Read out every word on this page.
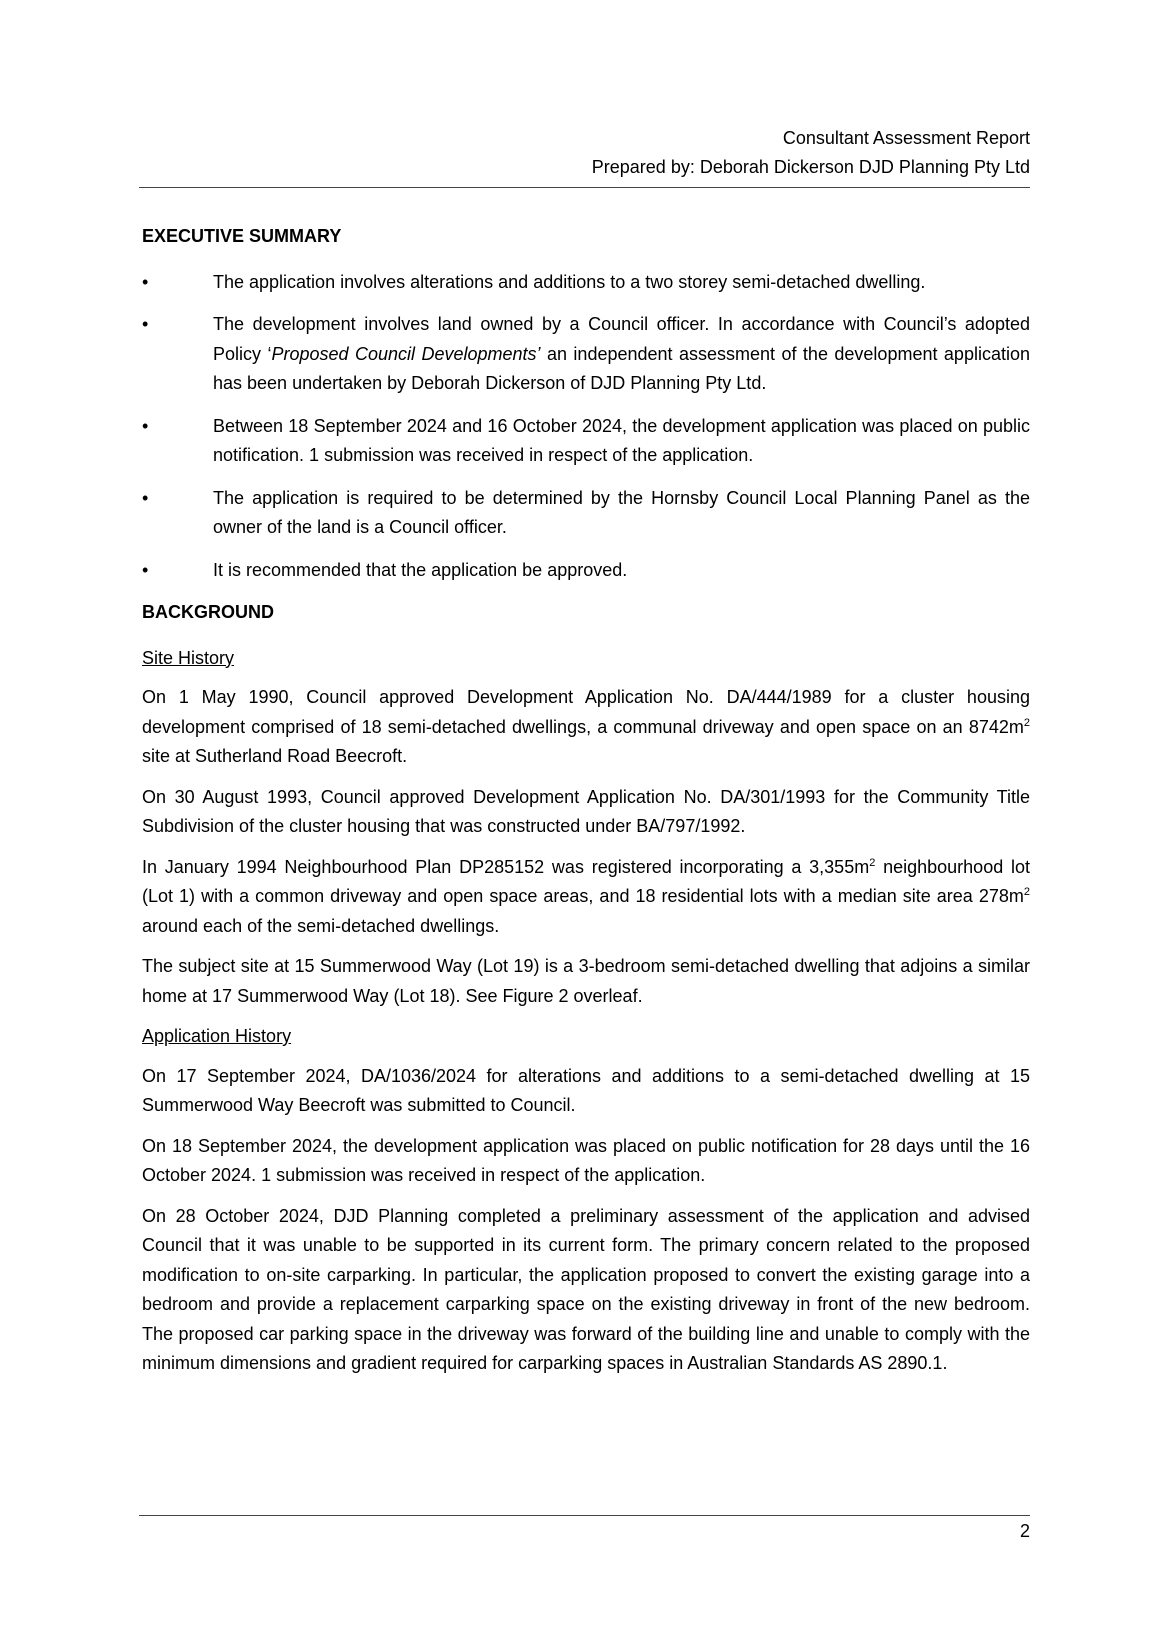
Consultant Assessment Report
Prepared by: Deborah Dickerson DJD Planning Pty Ltd
EXECUTIVE SUMMARY
•	The application involves alterations and additions to a two storey semi-detached dwelling.
•	The development involves land owned by a Council officer. In accordance with Council’s adopted Policy ‘Proposed Council Developments’ an independent assessment of the development application has been undertaken by Deborah Dickerson of DJD Planning Pty Ltd.
•	Between 18 September 2024 and 16 October 2024, the development application was placed on public notification. 1 submission was received in respect of the application.
•	The application is required to be determined by the Hornsby Council Local Planning Panel as the owner of the land is a Council officer.
•	It is recommended that the application be approved.
BACKGROUND
Site History

On 1 May 1990, Council approved Development Application No. DA/444/1989 for a cluster housing development comprised of 18 semi-detached dwellings, a communal driveway and open space on an $8742m^2$ site at Sutherland Road Beecroft.

On 30 August 1993, Council approved Development Application No. DA/301/1993 for the Community Title Subdivision of the cluster housing that was constructed under BA/797/1992.

In January 1994 Neighbourhood Plan DP285152 was registered incorporating a $3,355m^2$ neighbourhood lot (Lot 1) with a common driveway and open space areas, and 18 residential lots with a median site area $278m^2$ around each of the semi-detached dwellings.

The subject site at 15 Summerwood Way (Lot 19) is a 3-bedroom semi-detached dwelling that adjoins a similar home at 17 Summerwood Way (Lot 18). See Figure 2 overleaf.

Application History

On 17 September 2024, DA/1036/2024 for alterations and additions to a semi-detached dwelling at 15 Summerwood Way Beecroft was submitted to Council.

On 18 September 2024, the development application was placed on public notification for 28 days until the 16 October 2024. 1 submission was received in respect of the application.

On 28 October 2024, DJD Planning completed a preliminary assessment of the application and advised Council that it was unable to be supported in its current form. The primary concern related to the proposed modification to on-site carparking. In particular, the application proposed to convert the existing garage into a bedroom and provide a replacement carparking space on the existing driveway in front of the new bedroom. The proposed car parking space in the driveway was forward of the building line and unable to comply with the minimum dimensions and gradient required for carparking spaces in Australian Standards AS 2890.1.

2
